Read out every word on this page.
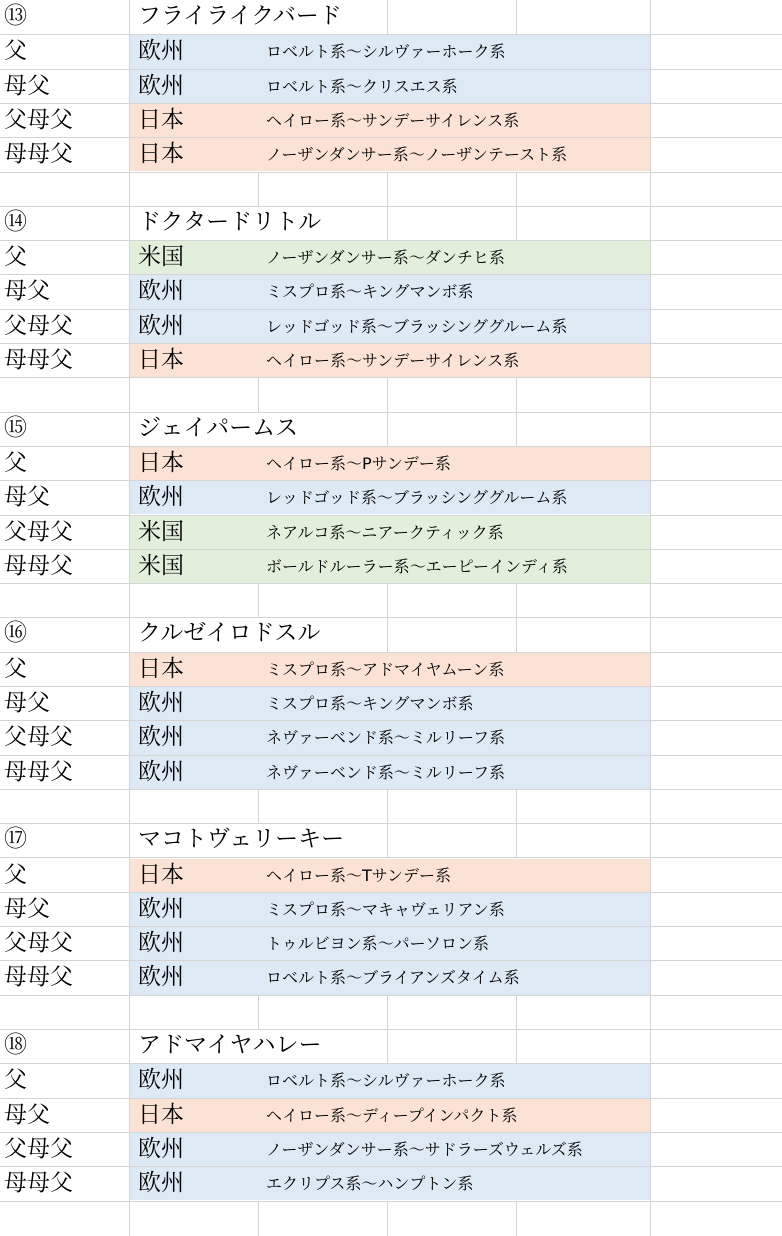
⑬	フライライクバード
父	欧州	ロベルト系〜シルヴァーホーク系
母父	欧州	ロベルト系〜クリスエス系
父母父	日本	ヘイロー系〜サンデーサイレンス系
母母父	日本	ノーザンダンサー系〜ノーザンテースト系
⑭	ドクタードリトル
父	米国	ノーザンダンサー系〜ダンチヒ系
母父	欧州	ミスプロ系〜キングマンボ系
父母父	欧州	レッドゴッド系〜ブラッシンググルーム系
母母父	日本	ヘイロー系〜サンデーサイレンス系
⑮	ジェイパームス
父	日本	ヘイロー系〜Pサンデー系
母父	欧州	レッドゴッド系〜ブラッシンググルーム系
父母父	米国	ネアルコ系〜ニアークティック系
母母父	米国	ボールドルーラー系〜エーピーインディ系
⑯	クルゼイロドスル
父	日本	ミスプロ系〜アドマイヤムーン系
母父	欧州	ミスプロ系〜キングマンボ系
父母父	欧州	ネヴァーベンド系〜ミルリーフ系
母母父	欧州	ネヴァーベンド系〜ミルリーフ系
⑰	マコトヴェリーキー
父	日本	ヘイロー系〜Tサンデー系
母父	欧州	ミスプロ系〜マキャヴェリアン系
父母父	欧州	トゥルビヨン系〜パーソロン系
母母父	欧州	ロベルト系〜ブライアンズタイム系
⑱	アドマイヤハレー
父	欧州	ロベルト系〜シルヴァーホーク系
母父	日本	ヘイロー系〜ディープインパクト系
父母父	欧州	ノーザンダンサー系〜サドラーズウェルズ系
母母父	欧州	エクリプス系〜ハンプトン系
